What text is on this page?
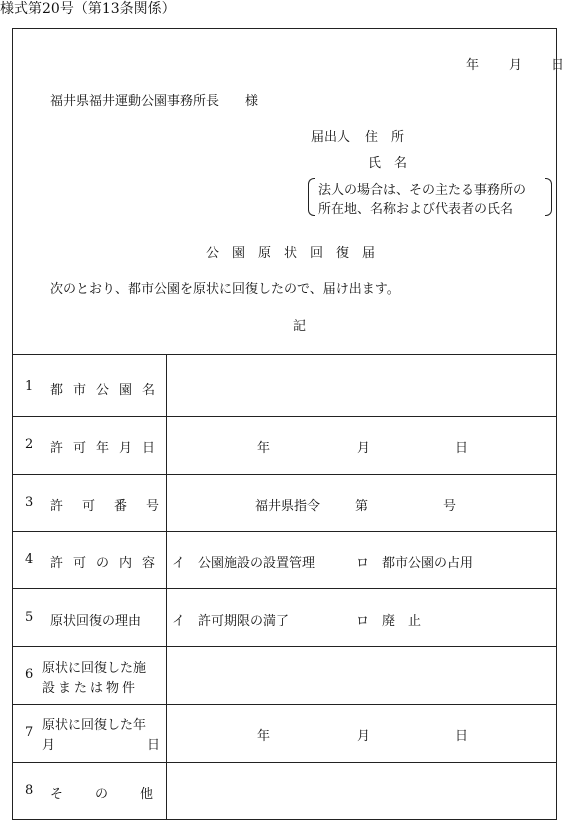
様式第20号（第13条関係）
年 月 日
福井県福井運動公園事務所長　　様
届出人 住　所
氏　名
法人の場合は、その主たる事務所の
所在地、名称および代表者の氏名
公　園　原　状　回　復　届
次のとおり、都市公園を原状に回復したので、届け出ます。
記
1 都市公園名
2 許可年月日	年	月	日
3 許可番号	福井県指令	第	号
4 許可の内容 イ　公園施設の設置管理	ロ　都市公園の占用
5 原状回復の理由 イ　許可期限の満了	ロ　廃　止
6 原状に回復した施
設または物件
7 原状に回復した年
月	日
年	月	日
8 その他
